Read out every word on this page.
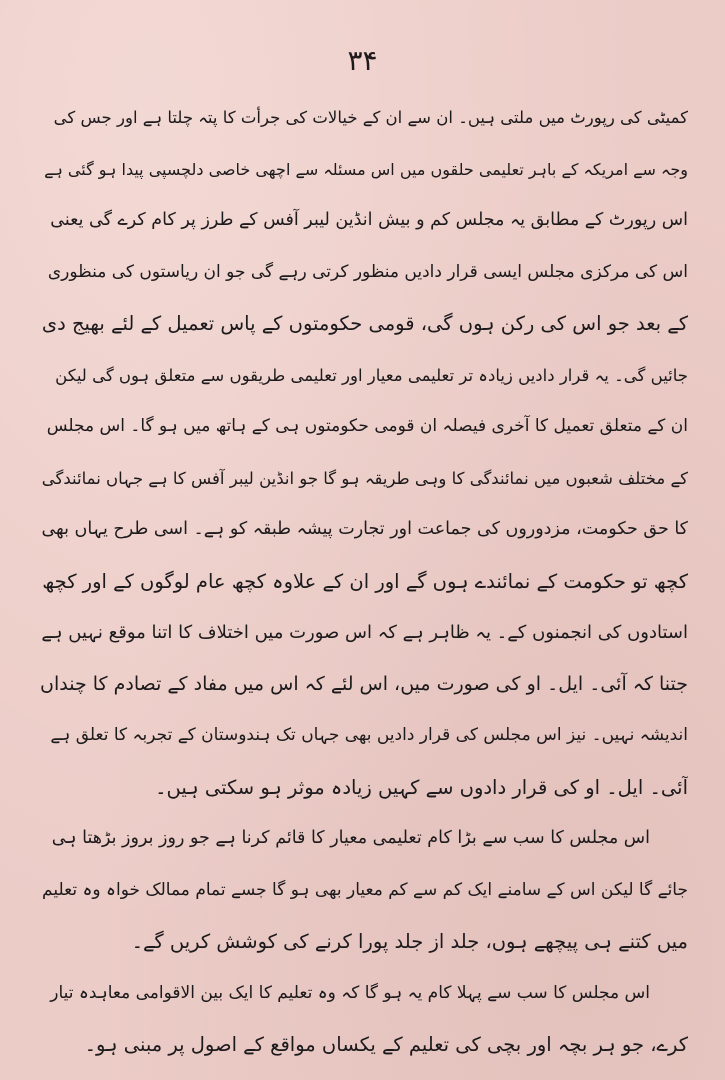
۳۴
کمیٹی کی رپورٹ میں ملتی ہیں۔ ان سے ان کے خیالات کی جرأت کا پتہ چلتا ہے اور جس کی
وجہ سے امریکہ کے باہر تعلیمی حلقوں میں اس مسئلہ سے اچھی خاصی دلچسپی پیدا ہو گئی ہے
اس رپورٹ کے مطابق یہ مجلس کم و بیش انڈین لیبر آفس کے طرز پر کام کرے گی یعنی
اس کی مرکزی مجلس ایسی قرار دادیں منظور کرتی رہے گی جو ان ریاستوں کی منظوری
کے بعد جو اس کی رکن ہوں گی، قومی حکومتوں کے پاس تعمیل کے لئے بھیج دی
جائیں گی۔ یہ قرار دادیں زیادہ تر تعلیمی معیار اور تعلیمی طریقوں سے متعلق ہوں گی لیکن
ان کے متعلق تعمیل کا آخری فیصلہ ان قومی حکومتوں ہی کے ہاتھ میں ہو گا۔ اس مجلس
کے مختلف شعبوں میں نمائندگی کا وہی طریقہ ہو گا جو انڈین لیبر آفس کا ہے جہاں نمائندگی
کا حق حکومت، مزدوروں کی جماعت اور تجارت پیشہ طبقہ کو ہے۔ اسی طرح یہاں بھی
کچھ تو حکومت کے نمائندے ہوں گے اور ان کے علاوہ کچھ عام لوگوں کے اور کچھ
استادوں کی انجمنوں کے۔ یہ ظاہر ہے کہ اس صورت میں اختلاف کا اتنا موقع نہیں ہے
جتنا کہ آئی۔ ایل۔ او کی صورت میں، اس لئے کہ اس میں مفاد کے تصادم کا چنداں
اندیشہ نہیں۔ نیز اس مجلس کی قرار دادیں بھی جہاں تک ہندوستان کے تجربہ کا تعلق ہے
آئی۔ ایل۔ او کی قرار دادوں سے کہیں زیادہ موثر ہو سکتی ہیں۔
اس مجلس کا سب سے بڑا کام تعلیمی معیار کا قائم کرنا ہے جو روز بروز بڑھتا ہی
جائے گا لیکن اس کے سامنے ایک کم سے کم معیار بھی ہو گا جسے تمام ممالک خواہ وہ تعلیم
میں کتنے ہی پیچھے ہوں، جلد از جلد پورا کرنے کی کوشش کریں گے۔
اس مجلس کا سب سے پہلا کام یہ ہو گا کہ وہ تعلیم کا ایک بین الاقوامی معاہدہ تیار
کرے، جو ہر بچہ اور بچی کی تعلیم کے یکساں مواقع کے اصول پر مبنی ہو۔
